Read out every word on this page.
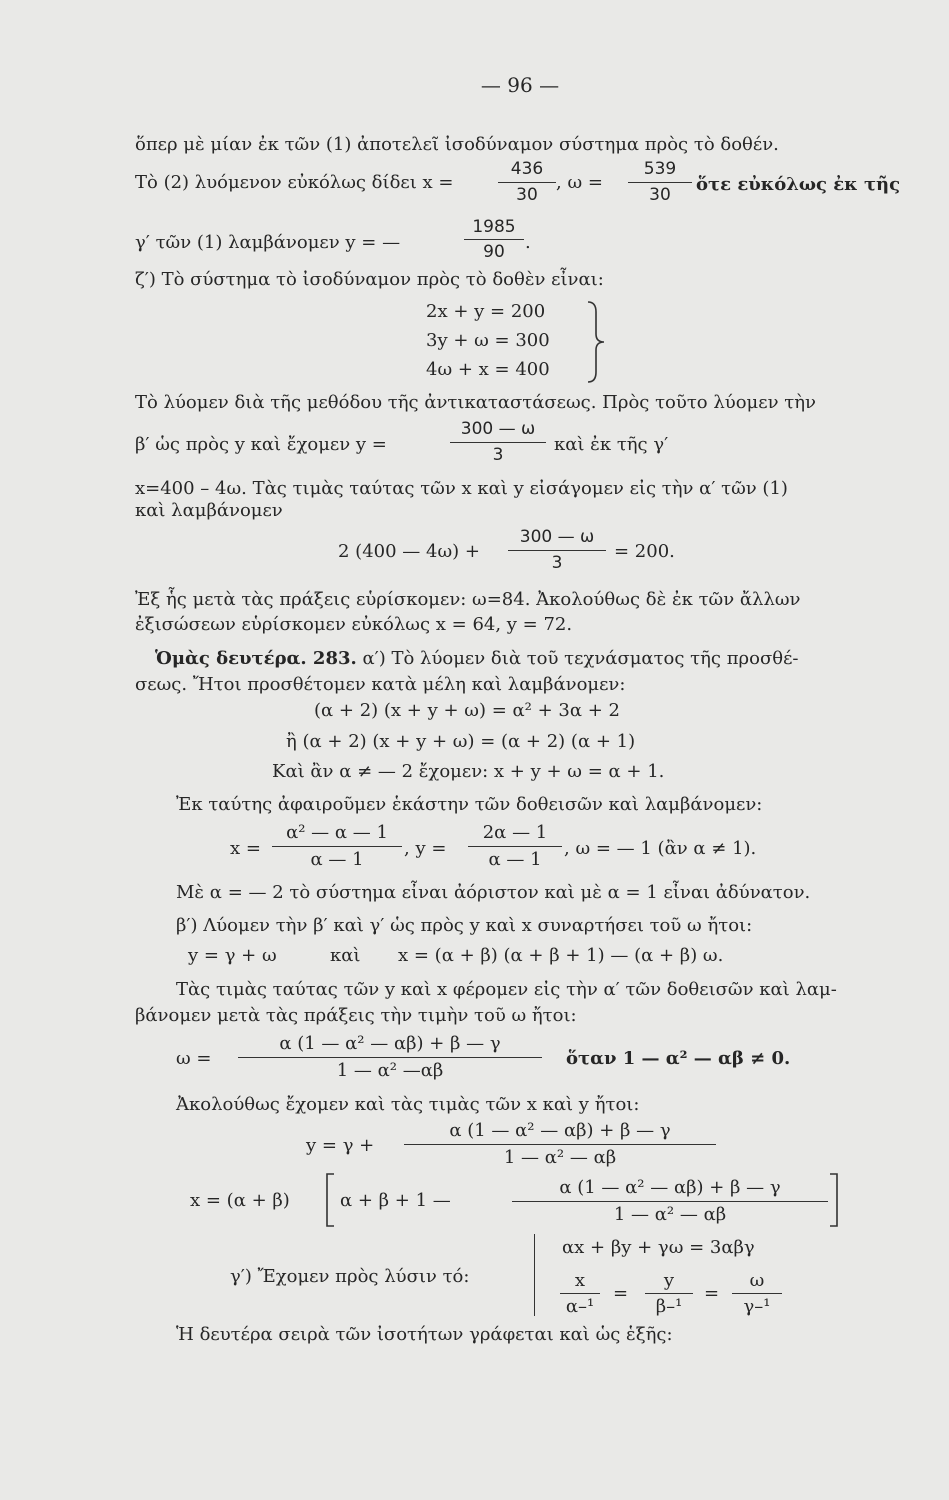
— 96 —
ὅπερ μὲ μίαν ἐκ τῶν (1) ἀποτελεῖ ἰσοδύναμον σύστημα πρὸς τὸ δοθέν.
Τὸ (2) λυόμενον εὐκόλως δίδει x =
436
30
, ω =
539
30	ὅτε εὐκόλως ἐκ τῆς
γ′ τῶν (1) λαμβάνομεν y = —
1985
90	.
ζ′) Τὸ σύστημα τὸ ἰσοδύναμον πρὸς τὸ δοθὲν εἶναι:
2x + y = 200
3y + ω = 300
4ω + x = 400
Τὸ λύομεν διὰ τῆς μεθόδου τῆς ἀντικαταστάσεως. Πρὸς τοῦτο λύομεν τὴν
β′ ὡς πρὸς y καὶ ἔχομεν y =
300 — ω
3	καὶ ἐκ τῆς γ′
x=400 – 4ω. Τὰς τιμὰς ταύτας τῶν x καὶ y εἰσάγομεν εἰς τὴν α′ τῶν (1)
καὶ λαμβάνομεν
2 (400 — 4ω) +
300 — ω
3
= 200.
Ἐξ ἧς μετὰ τὰς πράξεις εὑρίσκομεν: ω=84. Ἀκολούθως δὲ ἐκ τῶν ἄλλων
ἐξισώσεων εὑρίσκομεν εὐκόλως x = 64, y = 72.
Ὁμὰς δευτέρα. 283. α′) Τὸ λύομεν διὰ τοῦ τεχνάσματος τῆς προσθέ-
σεως. Ἤτοι προσθέτομεν κατὰ μέλη καὶ λαμβάνομεν:
(α + 2) (x + y + ω) = α² + 3α + 2
ἢ (α + 2) (x + y + ω) = (α + 2) (α + 1)
Καὶ ἂν α ≠ — 2 ἔχομεν: x + y + ω = α + 1.
Ἐκ ταύτης ἀφαιροῦμεν ἑκάστην τῶν δοθεισῶν καὶ λαμβάνομεν:
x =
α² — α — 1
α — 1
, y =
2α — 1
α — 1
, ω = — 1 (ἂν α ≠ 1).
Μὲ α = — 2 τὸ σύστημα εἶναι ἀόριστον καὶ μὲ α = 1 εἶναι ἀδύνατον.
β′) Λύομεν τὴν β′ καὶ γ′ ὡς πρὸς y καὶ x συναρτήσει τοῦ ω ἤτοι:
y = γ + ω	καὶ x = (α + β) (α + β + 1) — (α + β) ω.
Τὰς τιμὰς ταύτας τῶν y καὶ x φέρομεν εἰς τὴν α′ τῶν δοθεισῶν καὶ λαμ-
βάνομεν μετὰ τὰς πράξεις τὴν τιμὴν τοῦ ω ἤτοι:
ω =
α (1 — α² — αβ) + β — γ
1 — α² —αβ
ὅταν 1 — α² — αβ ≠ 0.
Ἀκολούθως ἔχομεν καὶ τὰς τιμὰς τῶν x καὶ y ἤτοι:
y = γ +
α (1 — α² — αβ) + β — γ
1 — α² — αβ
x = (α + β)	α + β + 1 —
α (1 — α² — αβ) + β — γ
1 — α² — αβ
γ′) Ἔχομεν πρὸς λύσιν τό:
αx + βy + γω = 3αβγ
x
α–¹
=
y
β–¹
=
ω
γ–¹
Ἡ δευτέρα σειρὰ τῶν ἰσοτήτων γράφεται καὶ ὡς ἑξῆς:
